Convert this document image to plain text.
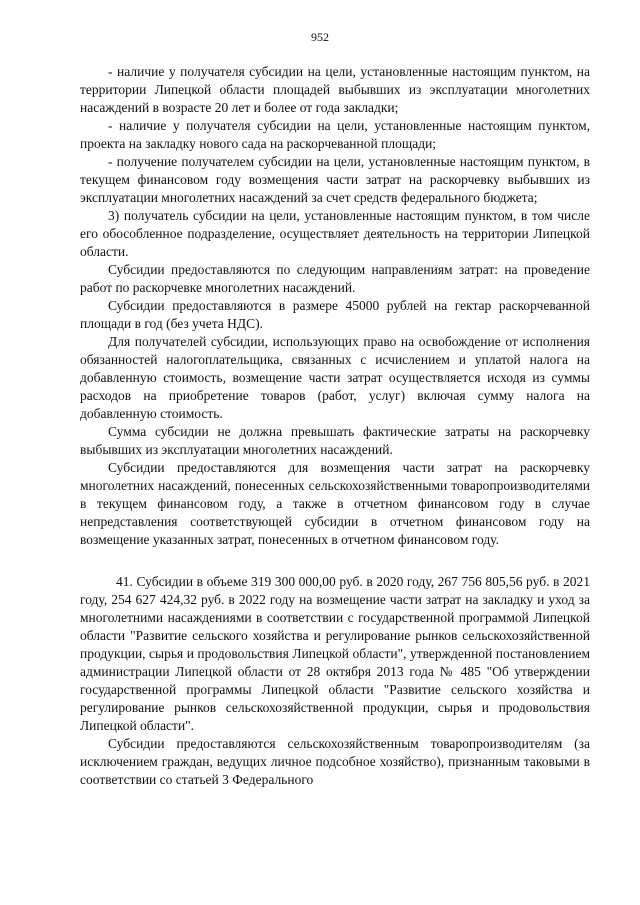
952

- наличие у получателя субсидии на цели, установленные настоящим пунктом, на территории Липецкой области площадей выбывших из эксплуатации многолетних насаждений в возрасте 20 лет и более от года закладки;

- наличие у получателя субсидии на цели, установленные настоящим пунктом, проекта на закладку нового сада на раскорчеванной площади;

- получение получателем субсидии на цели, установленные настоящим пунктом, в текущем финансовом году возмещения части затрат на раскорчевку выбывших из эксплуатации многолетних насаждений за счет средств федерального бюджета;

3) получатель субсидии на цели, установленные настоящим пунктом, в том числе его обособленное подразделение, осуществляет деятельность на территории Липецкой области.

Субсидии предоставляются по следующим направлениям затрат: на проведение работ по раскорчевке многолетних насаждений.

Субсидии предоставляются в размере 45000 рублей на гектар раскорчеванной площади в год (без учета НДС).

Для получателей субсидии, использующих право на освобождение от исполнения обязанностей налогоплательщика, связанных с исчислением и уплатой налога на добавленную стоимость, возмещение части затрат осуществляется исходя из суммы расходов на приобретение товаров (работ, услуг) включая сумму налога на добавленную стоимость.

Сумма субсидии не должна превышать фактические затраты на раскорчевку выбывших из эксплуатации многолетних насаждений.

Субсидии предоставляются для возмещения части затрат на раскорчевку многолетних насаждений, понесенных сельскохозяйственными товаропроизводителями в текущем финансовом году, а также в отчетном финансовом году в случае непредставления соответствующей субсидии в отчетном финансовом году на возмещение указанных затрат, понесенных в отчетном финансовом году.

41. Субсидии в объеме 319 300 000,00 руб. в 2020 году, 267 756 805,56 руб. в 2021 году, 254 627 424,32 руб. в 2022 году на возмещение части затрат на закладку и уход за многолетними насаждениями в соответствии с государственной программой Липецкой области "Развитие сельского хозяйства и регулирование рынков сельскохозяйственной продукции, сырья и продовольствия Липецкой области", утвержденной постановлением администрации Липецкой области от 28 октября 2013 года № 485 "Об утверждении государственной программы Липецкой области "Развитие сельского хозяйства и регулирование рынков сельскохозяйственной продукции, сырья и продовольствия Липецкой области".

Субсидии предоставляются сельскохозяйственным товаропроизводителям (за исключением граждан, ведущих личное подсобное хозяйство), признанным таковыми в соответствии со статьей 3 Федерального
